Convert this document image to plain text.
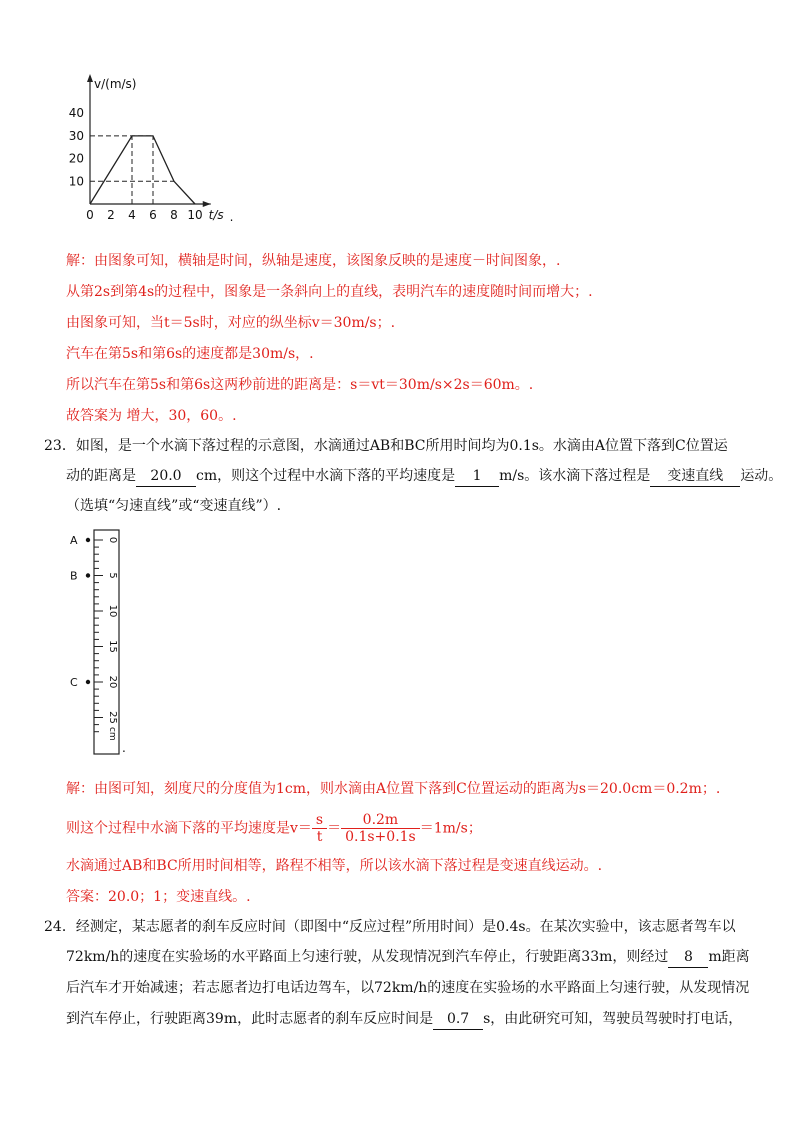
0 2 4 6 8 10
10
20
30
40
v/(m/s)
t/s .
解：由图象可知，横轴是时间，纵轴是速度，该图象反映的是速度－时间图象，.
从第2s到第4s的过程中，图象是一条斜向上的直线，表明汽车的速度随时间而增大；.
由图象可知，当t＝5s时，对应的纵坐标v＝30m/s；.
汽车在第5s和第6s的速度都是30m/s，.
所以汽车在第5s和第6s这两秒前进的距离是：s＝vt＝30m/s×2s＝60m。.
故答案为 增大，30，60。.
23．如图，是一个水滴下落过程的示意图，水滴通过AB和BC所用时间均为0.1s。水滴由A位置下落到C位置运
动的距离是 20.0 cm，则这个过程中水滴下落的平均速度是 1 m/s。该水滴下落过程是 变速直线 运动。
（选填“匀速直线”或“变速直线”）.
0
5
10
15
20
25
cm
A
B
C
.
解：由图可知，刻度尺的分度值为1cm，则水滴由A位置下落到C位置运动的距离为s＝20.0cm＝0.2m；.
则这个过程中水滴下落的平均速度是$v= \frac{s}{t} = \frac{0.2m}{0.1s+0.1s} =1m/s$；
水滴通过AB和BC所用时间相等，路程不相等，所以该水滴下落过程是变速直线运动。.
答案：20.0；1；变速直线。.
24．经测定，某志愿者的刹车反应时间（即图中“反应过程”所用时间）是0.4s。在某次实验中，该志愿者驾车以
72km/h的速度在实验场的水平路面上匀速行驶，从发现情况到汽车停止，行驶距离33m，则经过 8 m距离
后汽车才开始减速；若志愿者边打电话边驾车，以72km/h的速度在实验场的水平路面上匀速行驶，从发现情况
到汽车停止，行驶距离39m，此时志愿者的刹车反应时间是 0.7 s，由此研究可知，驾驶员驾驶时打电话，
